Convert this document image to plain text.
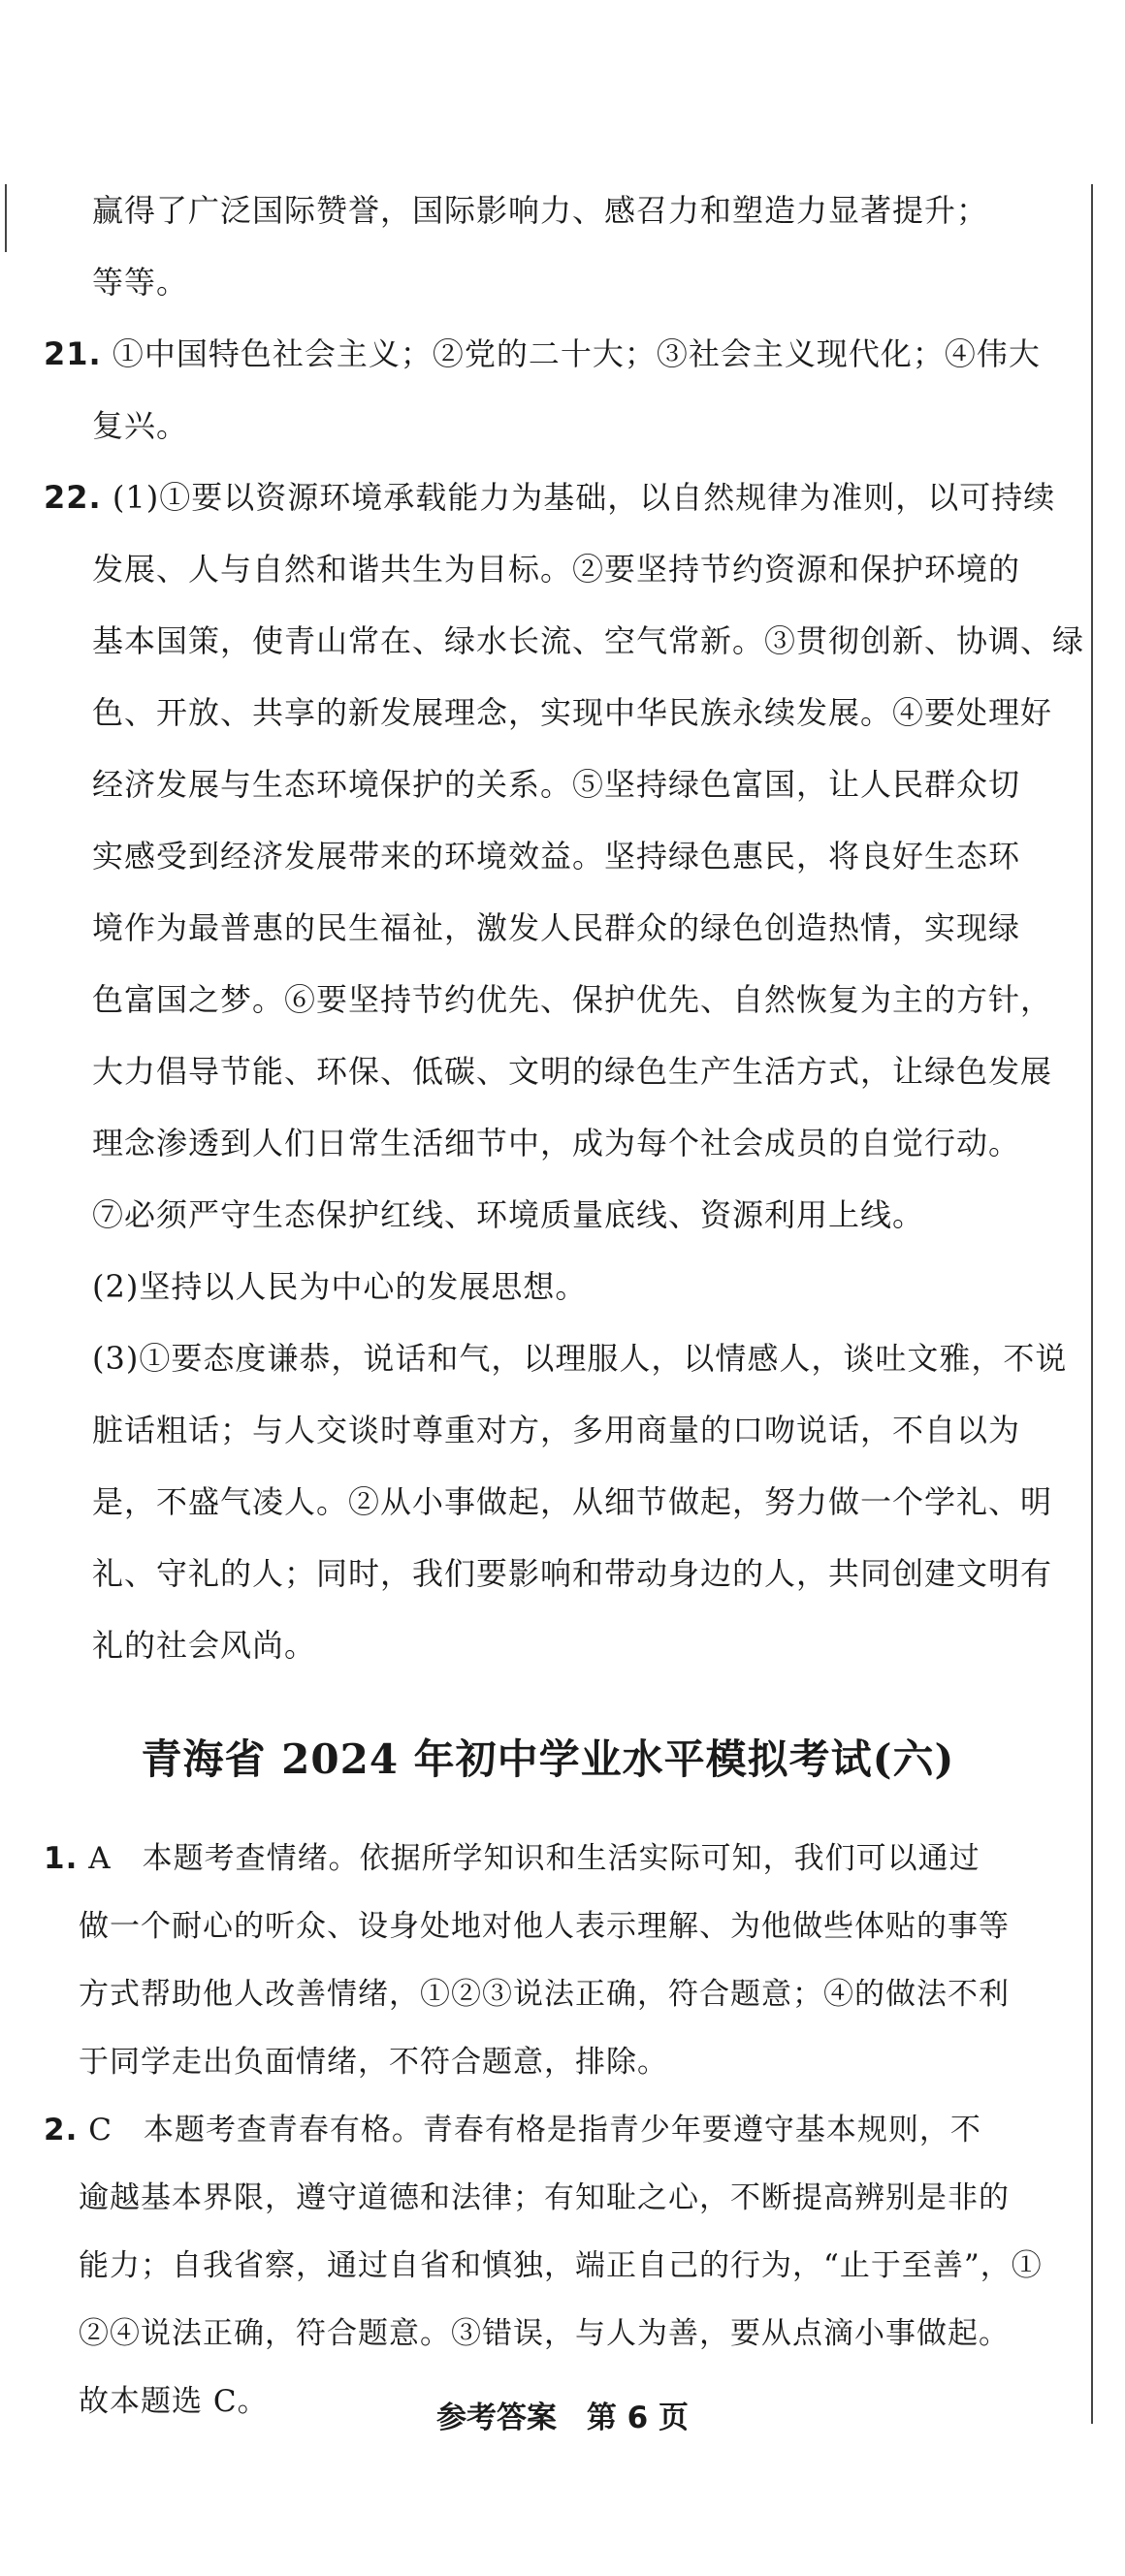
赢得了广泛国际赞誉，国际影响力、感召力和塑造力显著提升；
等等。
21. ①中国特色社会主义；②党的二十大；③社会主义现代化；④伟大
复兴。
22. (1)①要以资源环境承载能力为基础，以自然规律为准则，以可持续
发展、人与自然和谐共生为目标。②要坚持节约资源和保护环境的
基本国策，使青山常在、绿水长流、空气常新。③贯彻创新、协调、绿
色、开放、共享的新发展理念，实现中华民族永续发展。④要处理好
经济发展与生态环境保护的关系。⑤坚持绿色富国，让人民群众切
实感受到经济发展带来的环境效益。坚持绿色惠民，将良好生态环
境作为最普惠的民生福祉，激发人民群众的绿色创造热情，实现绿
色富国之梦。⑥要坚持节约优先、保护优先、自然恢复为主的方针，
大力倡导节能、环保、低碳、文明的绿色生产生活方式，让绿色发展
理念渗透到人们日常生活细节中，成为每个社会成员的自觉行动。
⑦必须严守生态保护红线、环境质量底线、资源利用上线。
(2)坚持以人民为中心的发展思想。
(3)①要态度谦恭，说话和气，以理服人，以情感人，谈吐文雅，不说
脏话粗话；与人交谈时尊重对方，多用商量的口吻说话，不自以为
是，不盛气凌人。②从小事做起，从细节做起，努力做一个学礼、明
礼、守礼的人；同时，我们要影响和带动身边的人，共同创建文明有
礼的社会风尚。
青海省 2024 年初中学业水平模拟考试(六)
1. A　本题考查情绪。依据所学知识和生活实际可知，我们可以通过
做一个耐心的听众、设身处地对他人表示理解、为他做些体贴的事等
方式帮助他人改善情绪，①②③说法正确，符合题意；④的做法不利
于同学走出负面情绪，不符合题意，排除。
2. C　本题考查青春有格。青春有格是指青少年要遵守基本规则，不
逾越基本界限，遵守道德和法律；有知耻之心，不断提高辨别是非的
能力；自我省察，通过自省和慎独，端正自己的行为，“止于至善”，①
②④说法正确，符合题意。③错误，与人为善，要从点滴小事做起。
故本题选 C。	参考答案 第 6 页
